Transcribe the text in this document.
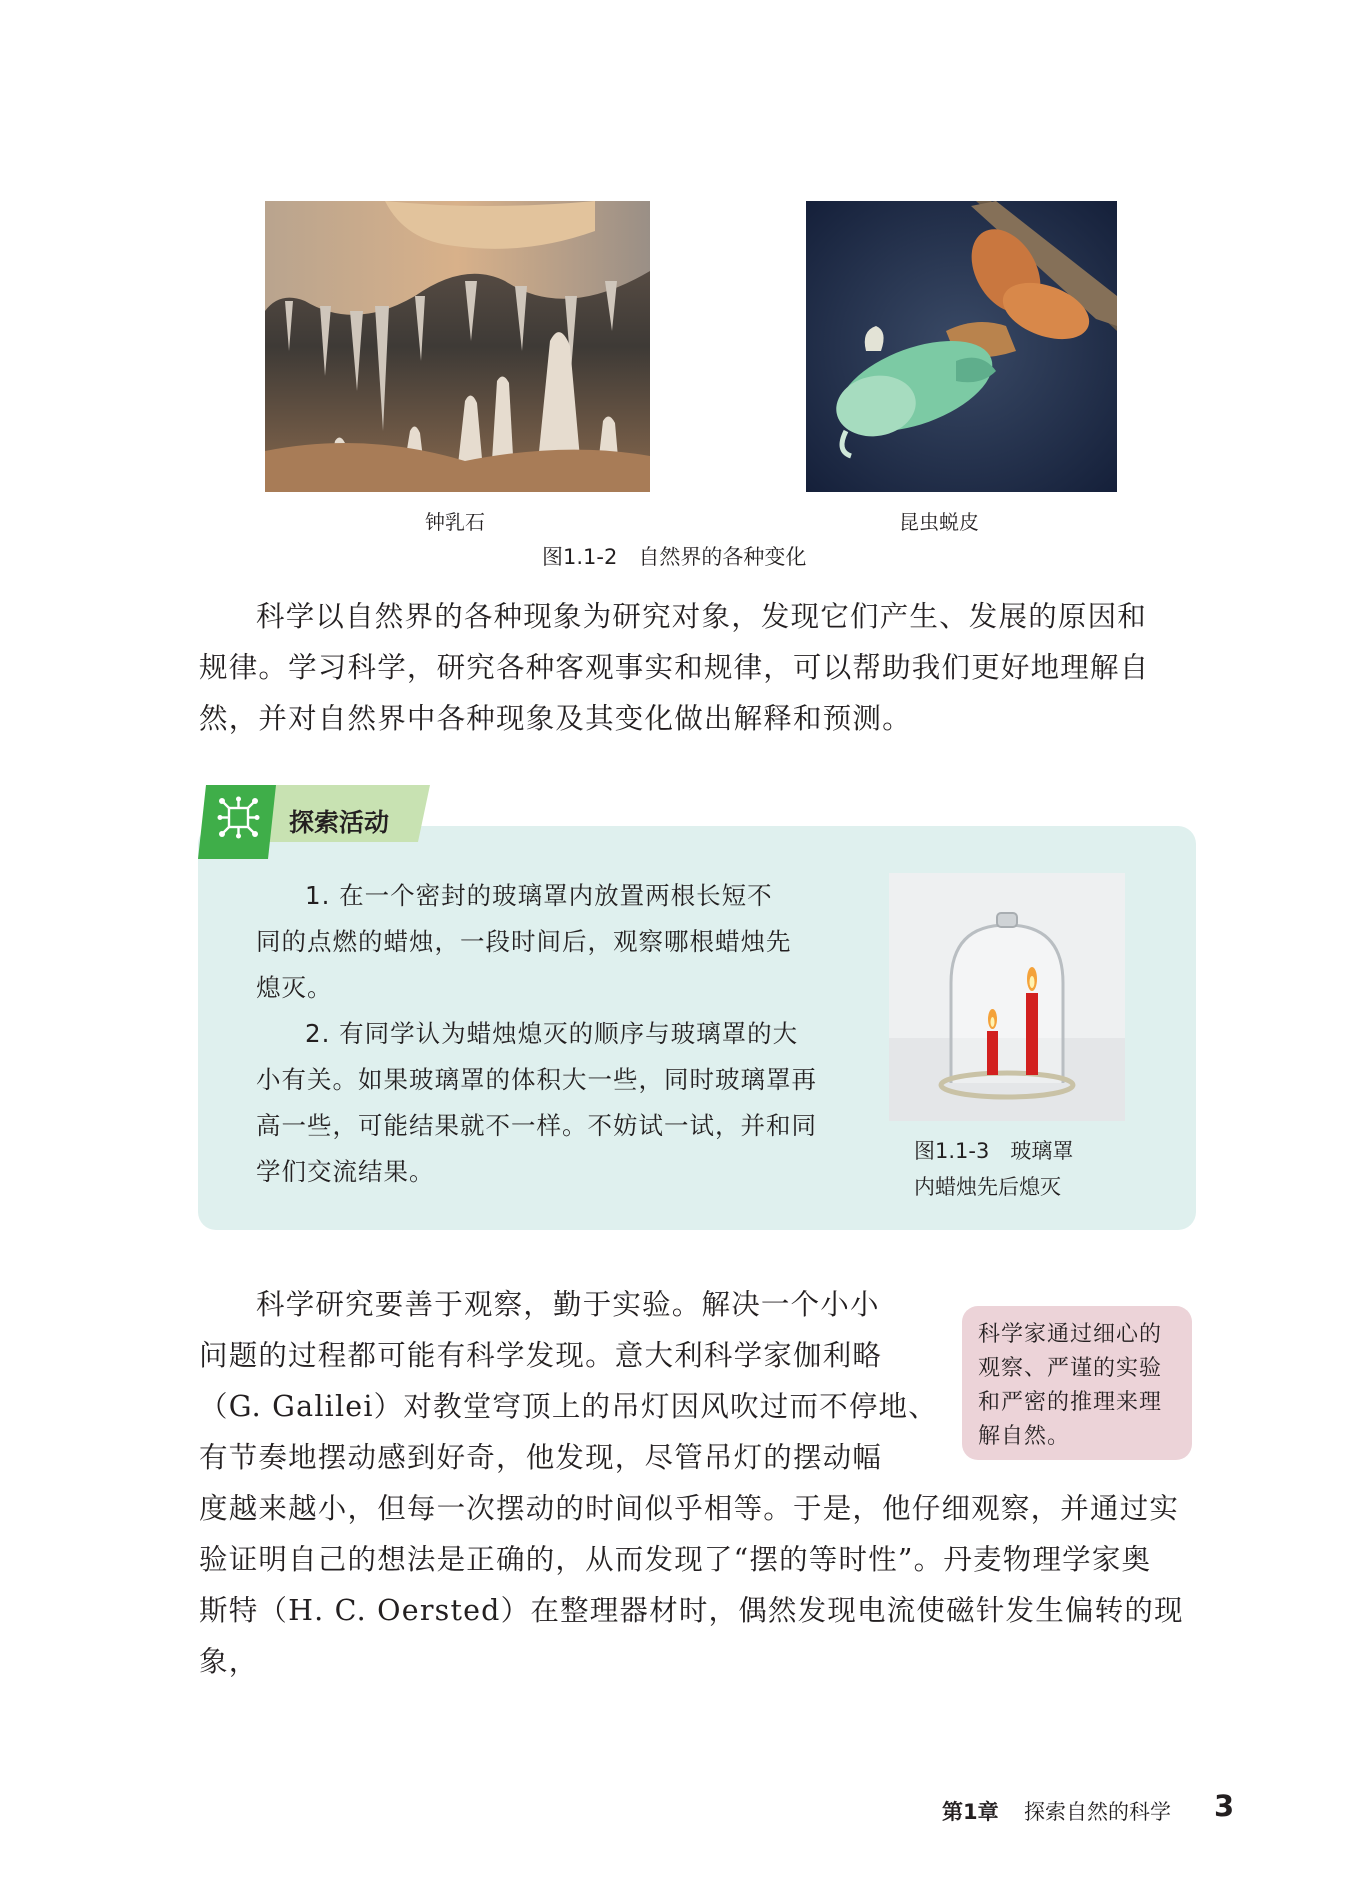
钟乳石	昆虫蜕皮
图1.1-2　自然界的各种变化

科学以自然界的各种现象为研究对象，发现它们产生、发展的原因和

规律。学习科学，研究各种客观事实和规律，可以帮助我们更好地理解自

然，并对自然界中各种现象及其变化做出解释和预测。

探索活动

1. 在一个密封的玻璃罩内放置两根长短不

同的点燃的蜡烛，一段时间后，观察哪根蜡烛先

熄灭。

2. 有同学认为蜡烛熄灭的顺序与玻璃罩的大

小有关。如果玻璃罩的体积大一些，同时玻璃罩再

高一些，可能结果就不一样。不妨试一试，并和同

学们交流结果。

图1.1-3　玻璃罩
内蜡烛先后熄灭

科学研究要善于观察，勤于实验。解决一个小小

问题的过程都可能有科学发现。意大利科学家伽利略

（G. Galilei）对教堂穹顶上的吊灯因风吹过而不停地、

有节奏地摆动感到好奇，他发现，尽管吊灯的摆动幅

度越来越小，但每一次摆动的时间似乎相等。于是，他仔细观察，并通过实

验证明自己的想法是正确的，从而发现了“摆的等时性”。丹麦物理学家奥

斯特（H. C. Oersted）在整理器材时，偶然发现电流使磁针发生偏转的现象，

科学家通过细心的
观察、严谨的实验
和严密的推理来理
解自然。
第1章 探索自然的科学 3
